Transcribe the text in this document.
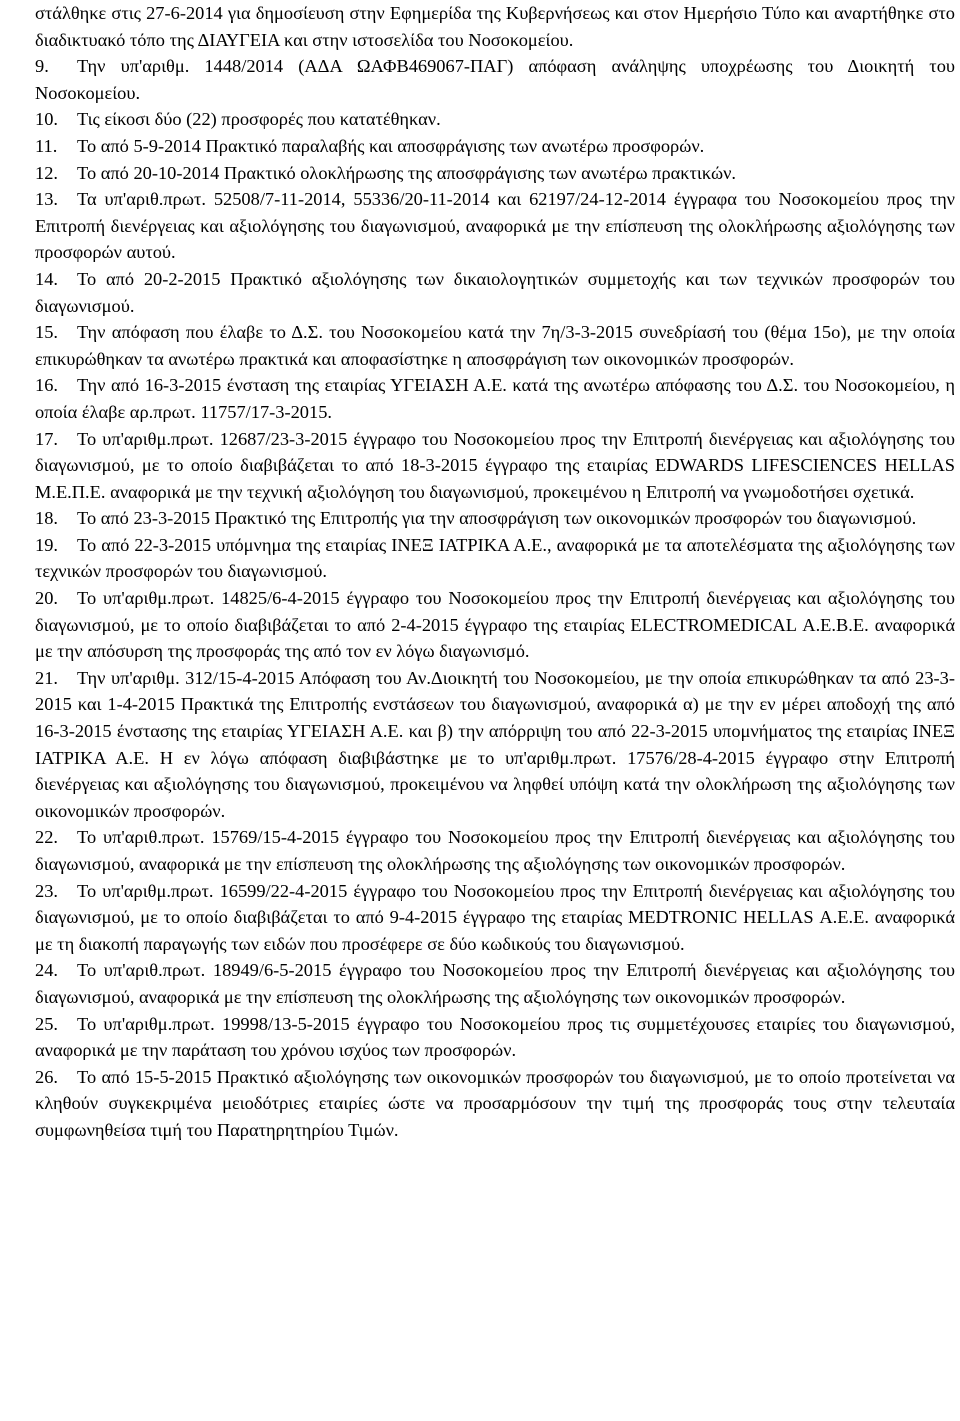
στάλθηκε στις 27-6-2014 για δημοσίευση στην Εφημερίδα της Κυβερνήσεως και στον Ημερήσιο Τύπο και αναρτήθηκε στο διαδικτυακό τόπο της ΔΙΑΥΓΕΙΑ και στην ιστοσελίδα του Νοσοκομείου.
9. Την υπ'αριθμ. 1448/2014 (ΑΔΑ ΩΑΦΒ469067-ΠΑΓ) απόφαση ανάληψης υποχρέωσης του Διοικητή του Νοσοκομείου.
10. Τις είκοσι δύο (22) προσφορές που κατατέθηκαν.
11. Το από 5-9-2014 Πρακτικό παραλαβής και αποσφράγισης των ανωτέρω προσφορών.
12. Το από 20-10-2014 Πρακτικό ολοκλήρωσης της αποσφράγισης των ανωτέρω πρακτικών.
13. Τα υπ'αριθ.πρωτ. 52508/7-11-2014, 55336/20-11-2014 και 62197/24-12-2014 έγγραφα του Νοσοκομείου προς την Επιτροπή διενέργειας και αξιολόγησης του διαγωνισμού, αναφορικά με την επίσπευση της ολοκλήρωσης αξιολόγησης των προσφορών αυτού.
14. Το από 20-2-2015 Πρακτικό αξιολόγησης των δικαιολογητικών συμμετοχής και των τεχνικών προσφορών του διαγωνισμού.
15. Την απόφαση που έλαβε το Δ.Σ. του Νοσοκομείου κατά την 7η/3-3-2015 συνεδρίασή του (θέμα 15ο), με την οποία επικυρώθηκαν τα ανωτέρω πρακτικά και αποφασίστηκε η αποσφράγιση των οικονομικών προσφορών.
16. Την από 16-3-2015 ένσταση της εταιρίας ΥΓΕΙΑΣΗ Α.Ε. κατά της ανωτέρω απόφασης του Δ.Σ. του Νοσοκομείου, η οποία έλαβε αρ.πρωτ. 11757/17-3-2015.
17. Το υπ'αριθμ.πρωτ. 12687/23-3-2015 έγγραφο του Νοσοκομείου προς την Επιτροπή διενέργειας και αξιολόγησης του διαγωνισμού, με το οποίο διαβιβάζεται το από 18-3-2015 έγγραφο της εταιρίας EDWARDS LIFESCIENCES HELLAS Μ.Ε.Π.Ε. αναφορικά με την τεχνική αξιολόγηση του διαγωνισμού, προκειμένου η Επιτροπή να γνωμοδοτήσει σχετικά.
18. Το από 23-3-2015 Πρακτικό της Επιτροπής για την αποσφράγιση των οικονομικών προσφορών του διαγωνισμού.
19. Το από 22-3-2015 υπόμνημα της εταιρίας ΙΝΕΞ ΙΑΤΡΙΚΑ Α.Ε., αναφορικά με τα αποτελέσματα της αξιολόγησης των τεχνικών προσφορών του διαγωνισμού.
20. Το υπ'αριθμ.πρωτ. 14825/6-4-2015 έγγραφο του Νοσοκομείου προς την Επιτροπή διενέργειας και αξιολόγησης του διαγωνισμού, με το οποίο διαβιβάζεται το από 2-4-2015 έγγραφο της εταιρίας ELECTROMEDICAL Α.Ε.Β.Ε. αναφορικά με την απόσυρση της προσφοράς της από τον εν λόγω διαγωνισμό.
21. Την υπ'αριθμ. 312/15-4-2015 Απόφαση του Αν.Διοικητή του Νοσοκομείου, με την οποία επικυρώθηκαν τα από 23-3-2015 και 1-4-2015 Πρακτικά της Επιτροπής ενστάσεων του διαγωνισμού, αναφορικά α) με την εν μέρει αποδοχή της από 16-3-2015 ένστασης της εταιρίας ΥΓΕΙΑΣΗ Α.Ε. και β) την απόρριψη του από 22-3-2015 υπομνήματος της εταιρίας ΙΝΕΞ ΙΑΤΡΙΚΑ Α.Ε. Η εν λόγω απόφαση διαβιβάστηκε με το υπ'αριθμ.πρωτ. 17576/28-4-2015 έγγραφο στην Επιτροπή διενέργειας και αξιολόγησης του διαγωνισμού, προκειμένου να ληφθεί υπόψη κατά την ολοκλήρωση της αξιολόγησης των οικονομικών προσφορών.
22. Το υπ'αριθ.πρωτ. 15769/15-4-2015 έγγραφο του Νοσοκομείου προς την Επιτροπή διενέργειας και αξιολόγησης του διαγωνισμού, αναφορικά με την επίσπευση της ολοκλήρωσης της αξιολόγησης των οικονομικών προσφορών.
23. Το υπ'αριθμ.πρωτ. 16599/22-4-2015 έγγραφο του Νοσοκομείου προς την Επιτροπή διενέργειας και αξιολόγησης του διαγωνισμού, με το οποίο διαβιβάζεται το από 9-4-2015 έγγραφο της εταιρίας MEDTRONIC HELLAS Α.Ε.Ε. αναφορικά με τη διακοπή παραγωγής των ειδών που προσέφερε σε δύο κωδικούς του διαγωνισμού.
24. Το υπ'αριθ.πρωτ. 18949/6-5-2015 έγγραφο του Νοσοκομείου προς την Επιτροπή διενέργειας και αξιολόγησης του διαγωνισμού, αναφορικά με την επίσπευση της ολοκλήρωσης της αξιολόγησης των οικονομικών προσφορών.
25. Το υπ'αριθμ.πρωτ. 19998/13-5-2015 έγγραφο του Νοσοκομείου προς τις συμμετέχουσες εταιρίες του διαγωνισμού, αναφορικά με την παράταση του χρόνου ισχύος των προσφορών.
26. Το από 15-5-2015 Πρακτικό αξιολόγησης των οικονομικών προσφορών του διαγωνισμού, με το οποίο προτείνεται να κληθούν συγκεκριμένα μειοδότριες εταιρίες ώστε να προσαρμόσουν την τιμή της προσφοράς τους στην τελευταία συμφωνηθείσα τιμή του Παρατηρητηρίου Τιμών.
